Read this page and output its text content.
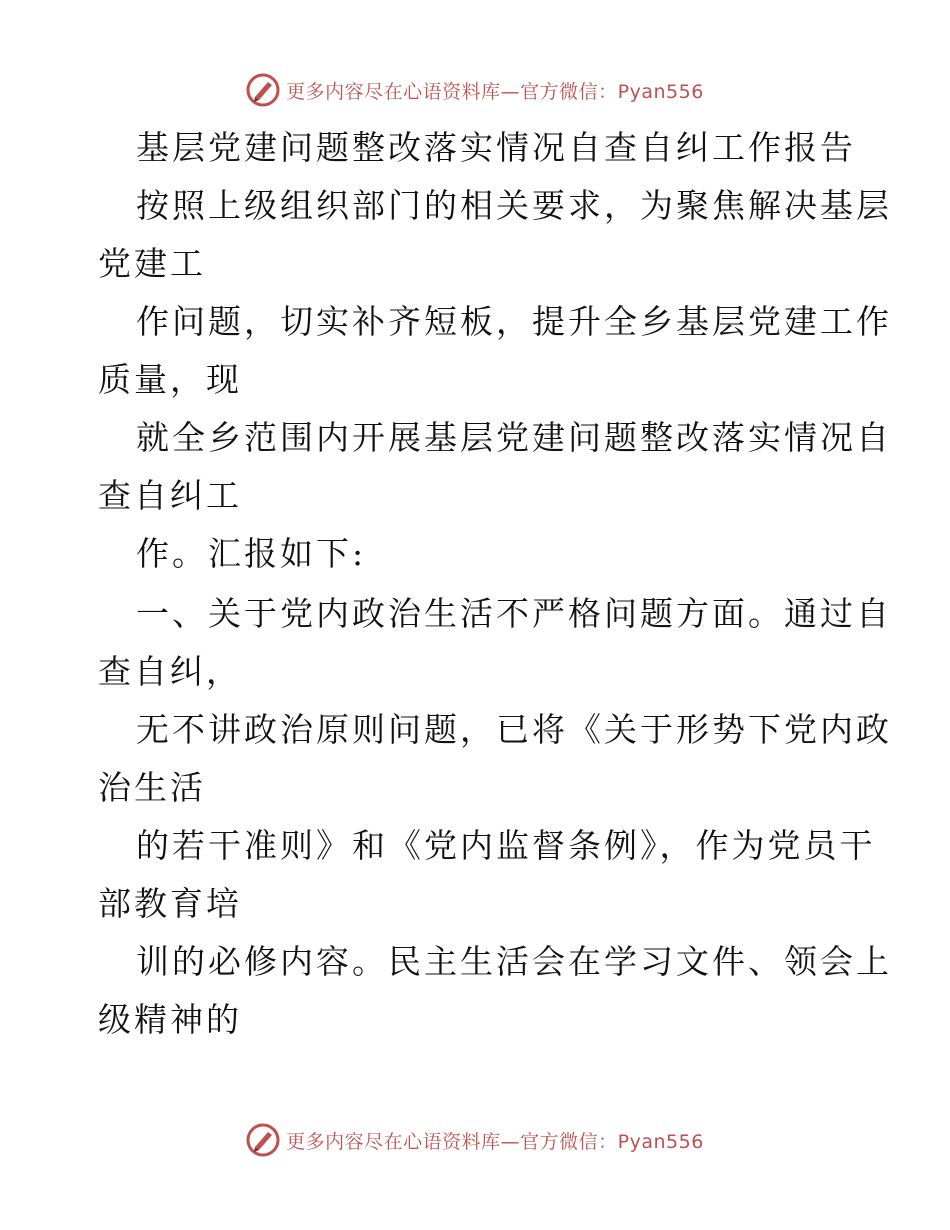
更多内容尽在心语资料库—官方微信：Pyan556
基层党建问题整改落实情况自查自纠工作报告
按照上级组织部门的相关要求，为聚焦解决基层
党建工
作问题，切实补齐短板，提升全乡基层党建工作
质量，现
就全乡范围内开展基层党建问题整改落实情况自
查自纠工
作。汇报如下:
一、关于党内政治生活不严格问题方面。通过自
查自纠，
无不讲政治原则问题，已将《关于形势下党内政
治生活
的若干准则》和《党内监督条例》，作为党员干
部教育培
训的必修内容。民主生活会在学习文件、领会上
级精神的
更多内容尽在心语资料库—官方微信：Pyan556
